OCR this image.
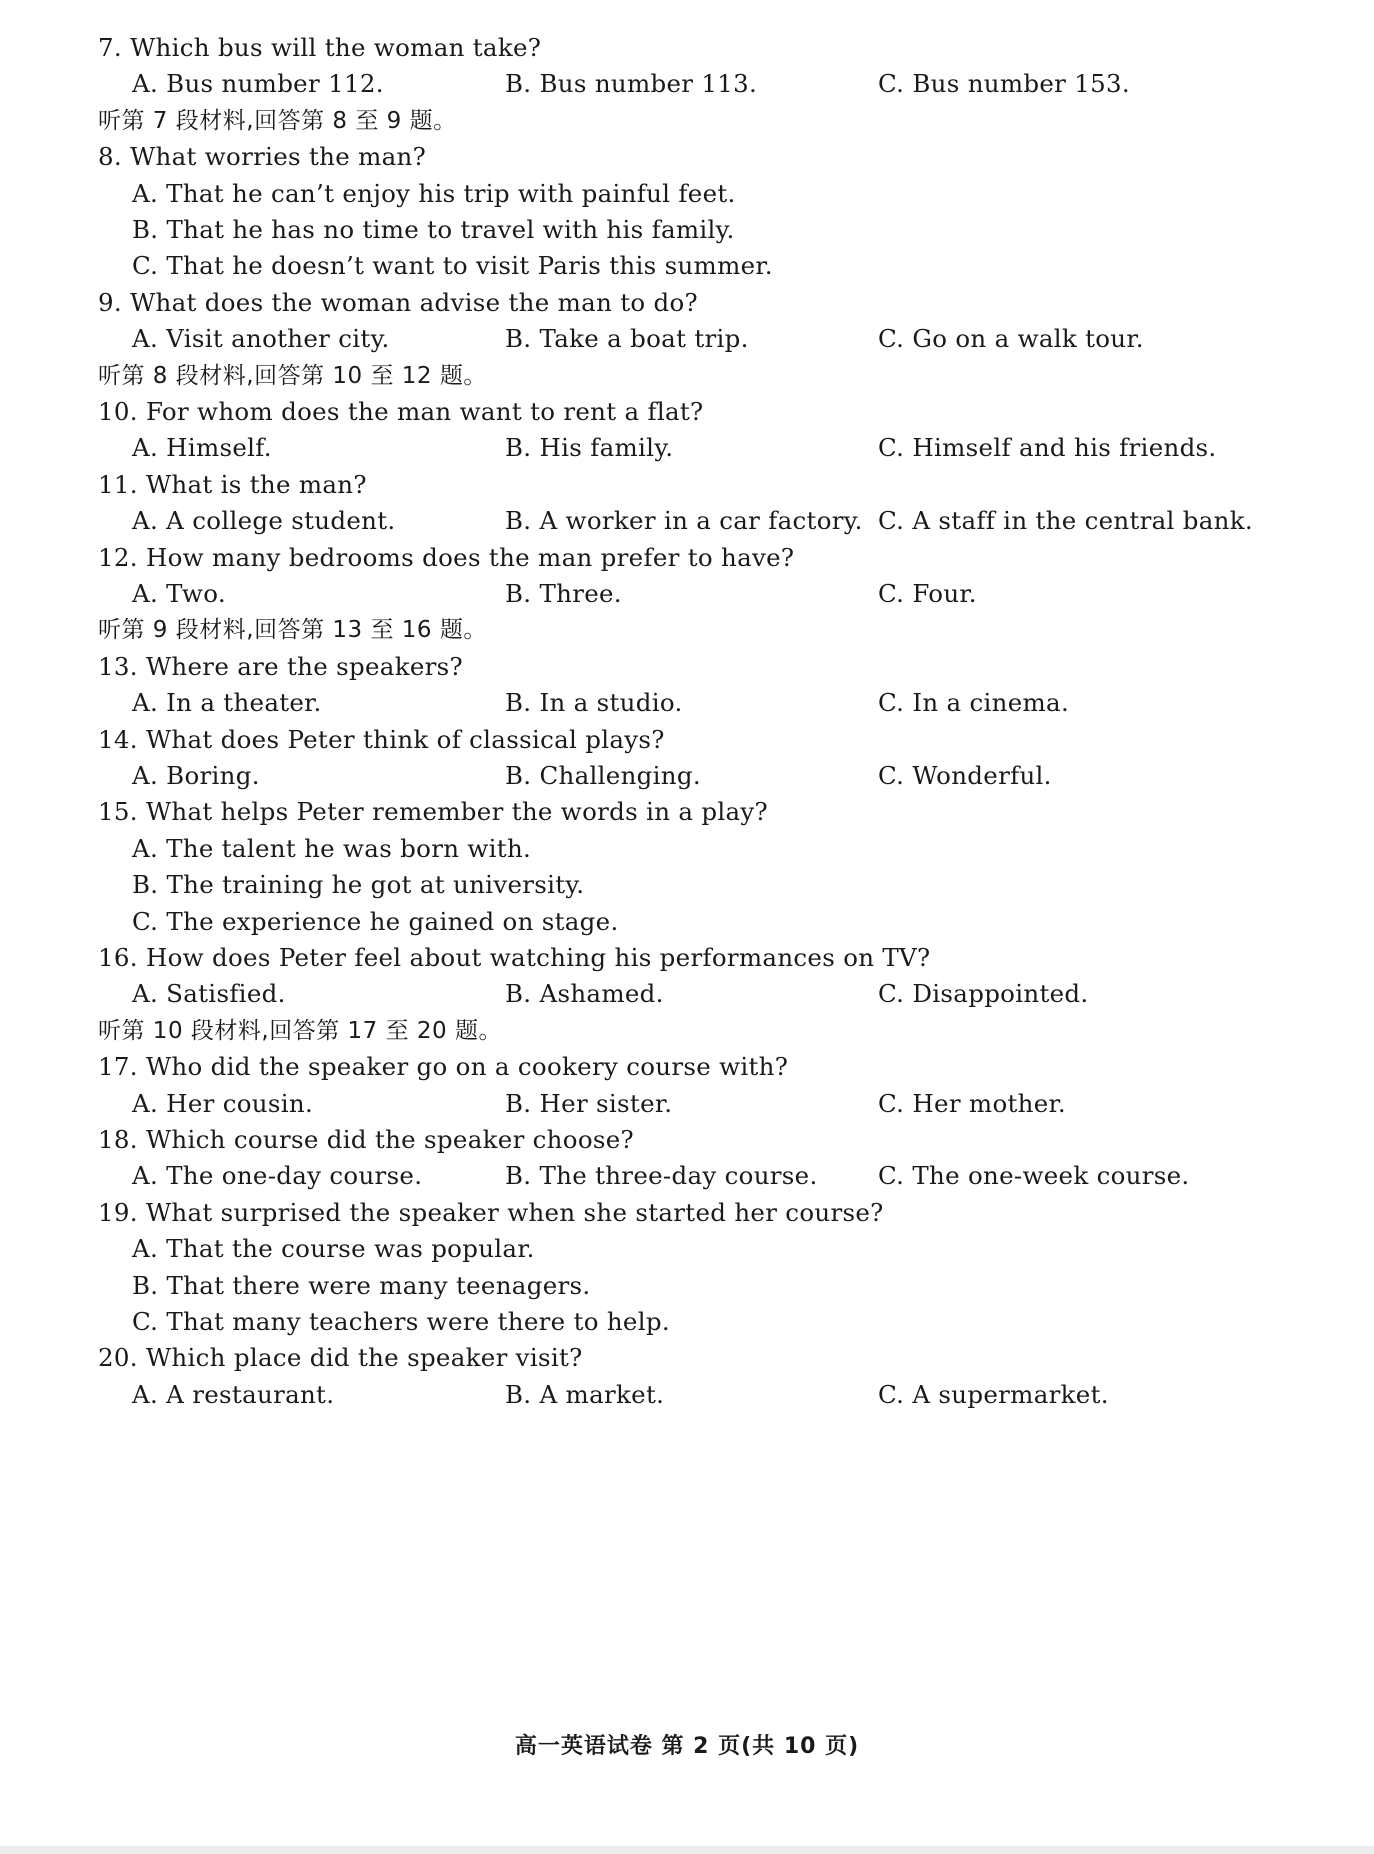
7. Which bus will the woman take?
A. Bus number 112.	B. Bus number 113.	C. Bus number 153.
听第 7 段材料,回答第 8 至 9 题。
8. What worries the man?
A. That he can’t enjoy his trip with painful feet.
B. That he has no time to travel with his family.
C. That he doesn’t want to visit Paris this summer.
9. What does the woman advise the man to do?
A. Visit another city.	B. Take a boat trip.	C. Go on a walk tour.
听第 8 段材料,回答第 10 至 12 题。
10. For whom does the man want to rent a flat?
A. Himself.	B. His family.	C. Himself and his friends.
11. What is the man?
A. A college student.	B. A worker in a car factory. C. A staff in the central bank.
12. How many bedrooms does the man prefer to have?
A. Two.	B. Three.	C. Four.
听第 9 段材料,回答第 13 至 16 题。
13. Where are the speakers?
A. In a theater.	B. In a studio.	C. In a cinema.
14. What does Peter think of classical plays?
A. Boring.	B. Challenging.	C. Wonderful.
15. What helps Peter remember the words in a play?
A. The talent he was born with.
B. The training he got at university.
C. The experience he gained on stage.
16. How does Peter feel about watching his performances on TV?
A. Satisfied.	B. Ashamed.	C. Disappointed.
听第 10 段材料,回答第 17 至 20 题。
17. Who did the speaker go on a cookery course with?
A. Her cousin.	B. Her sister.	C. Her mother.
18. Which course did the speaker choose?
A. The one-day course.	B. The three-day course. C. The one-week course.
19. What surprised the speaker when she started her course?
A. That the course was popular.
B. That there were many teenagers.
C. That many teachers were there to help.
20. Which place did the speaker visit?
A. A restaurant.	B. A market.	C. A supermarket.
高一英语试卷 第 2 页(共 10 页)
